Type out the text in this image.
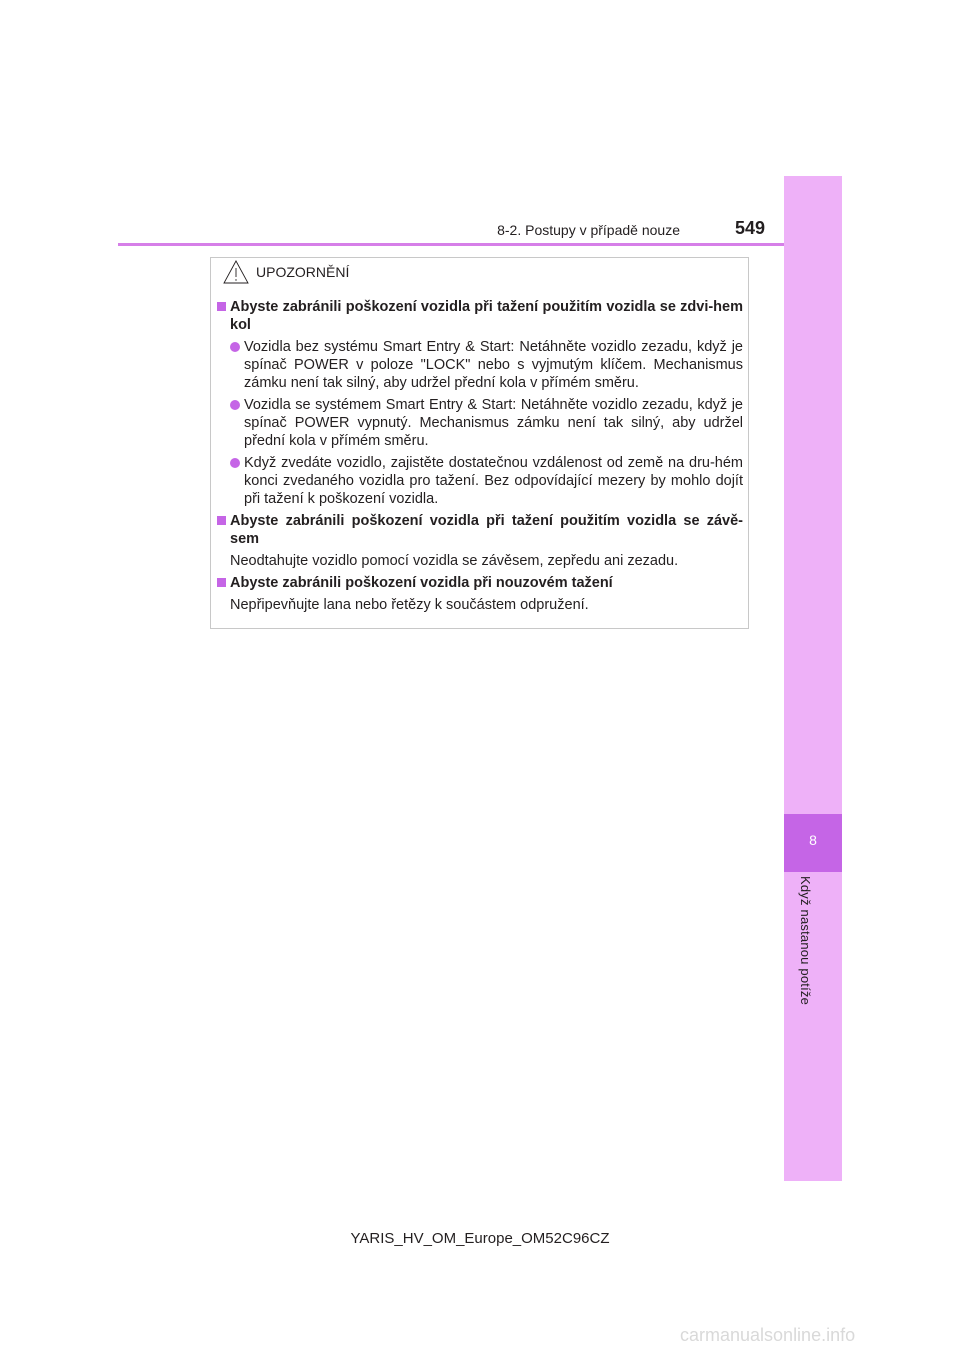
8-2. Postupy v případě nouze	549
8
Když nastanou potíže
UPOZORNĚNÍ
Abyste zabránili poškození vozidla při tažení použitím vozidla se zdvi-hem kol
Vozidla bez systému Smart Entry & Start: Netáhněte vozidlo zezadu, když je spínač POWER v poloze "LOCK" nebo s vyjmutým klíčem. Mechanismus zámku není tak silný, aby udržel přední kola v přímém směru.
Vozidla se systémem Smart Entry & Start: Netáhněte vozidlo zezadu, když je spínač POWER vypnutý. Mechanismus zámku není tak silný, aby udržel přední kola v přímém směru.
Když zvedáte vozidlo, zajistěte dostatečnou vzdálenost od země na dru-hém konci zvedaného vozidla pro tažení. Bez odpovídající mezery by mohlo dojít při tažení k poškození vozidla.
Abyste zabránili poškození vozidla při tažení použitím vozidla se závě-sem
Neodtahujte vozidlo pomocí vozidla se závěsem, zepředu ani zezadu.
Abyste zabránili poškození vozidla při nouzovém tažení
Nepřipevňujte lana nebo řetězy k součástem odpružení.
YARIS_HV_OM_Europe_OM52C96CZ
carmanualsonline.info
